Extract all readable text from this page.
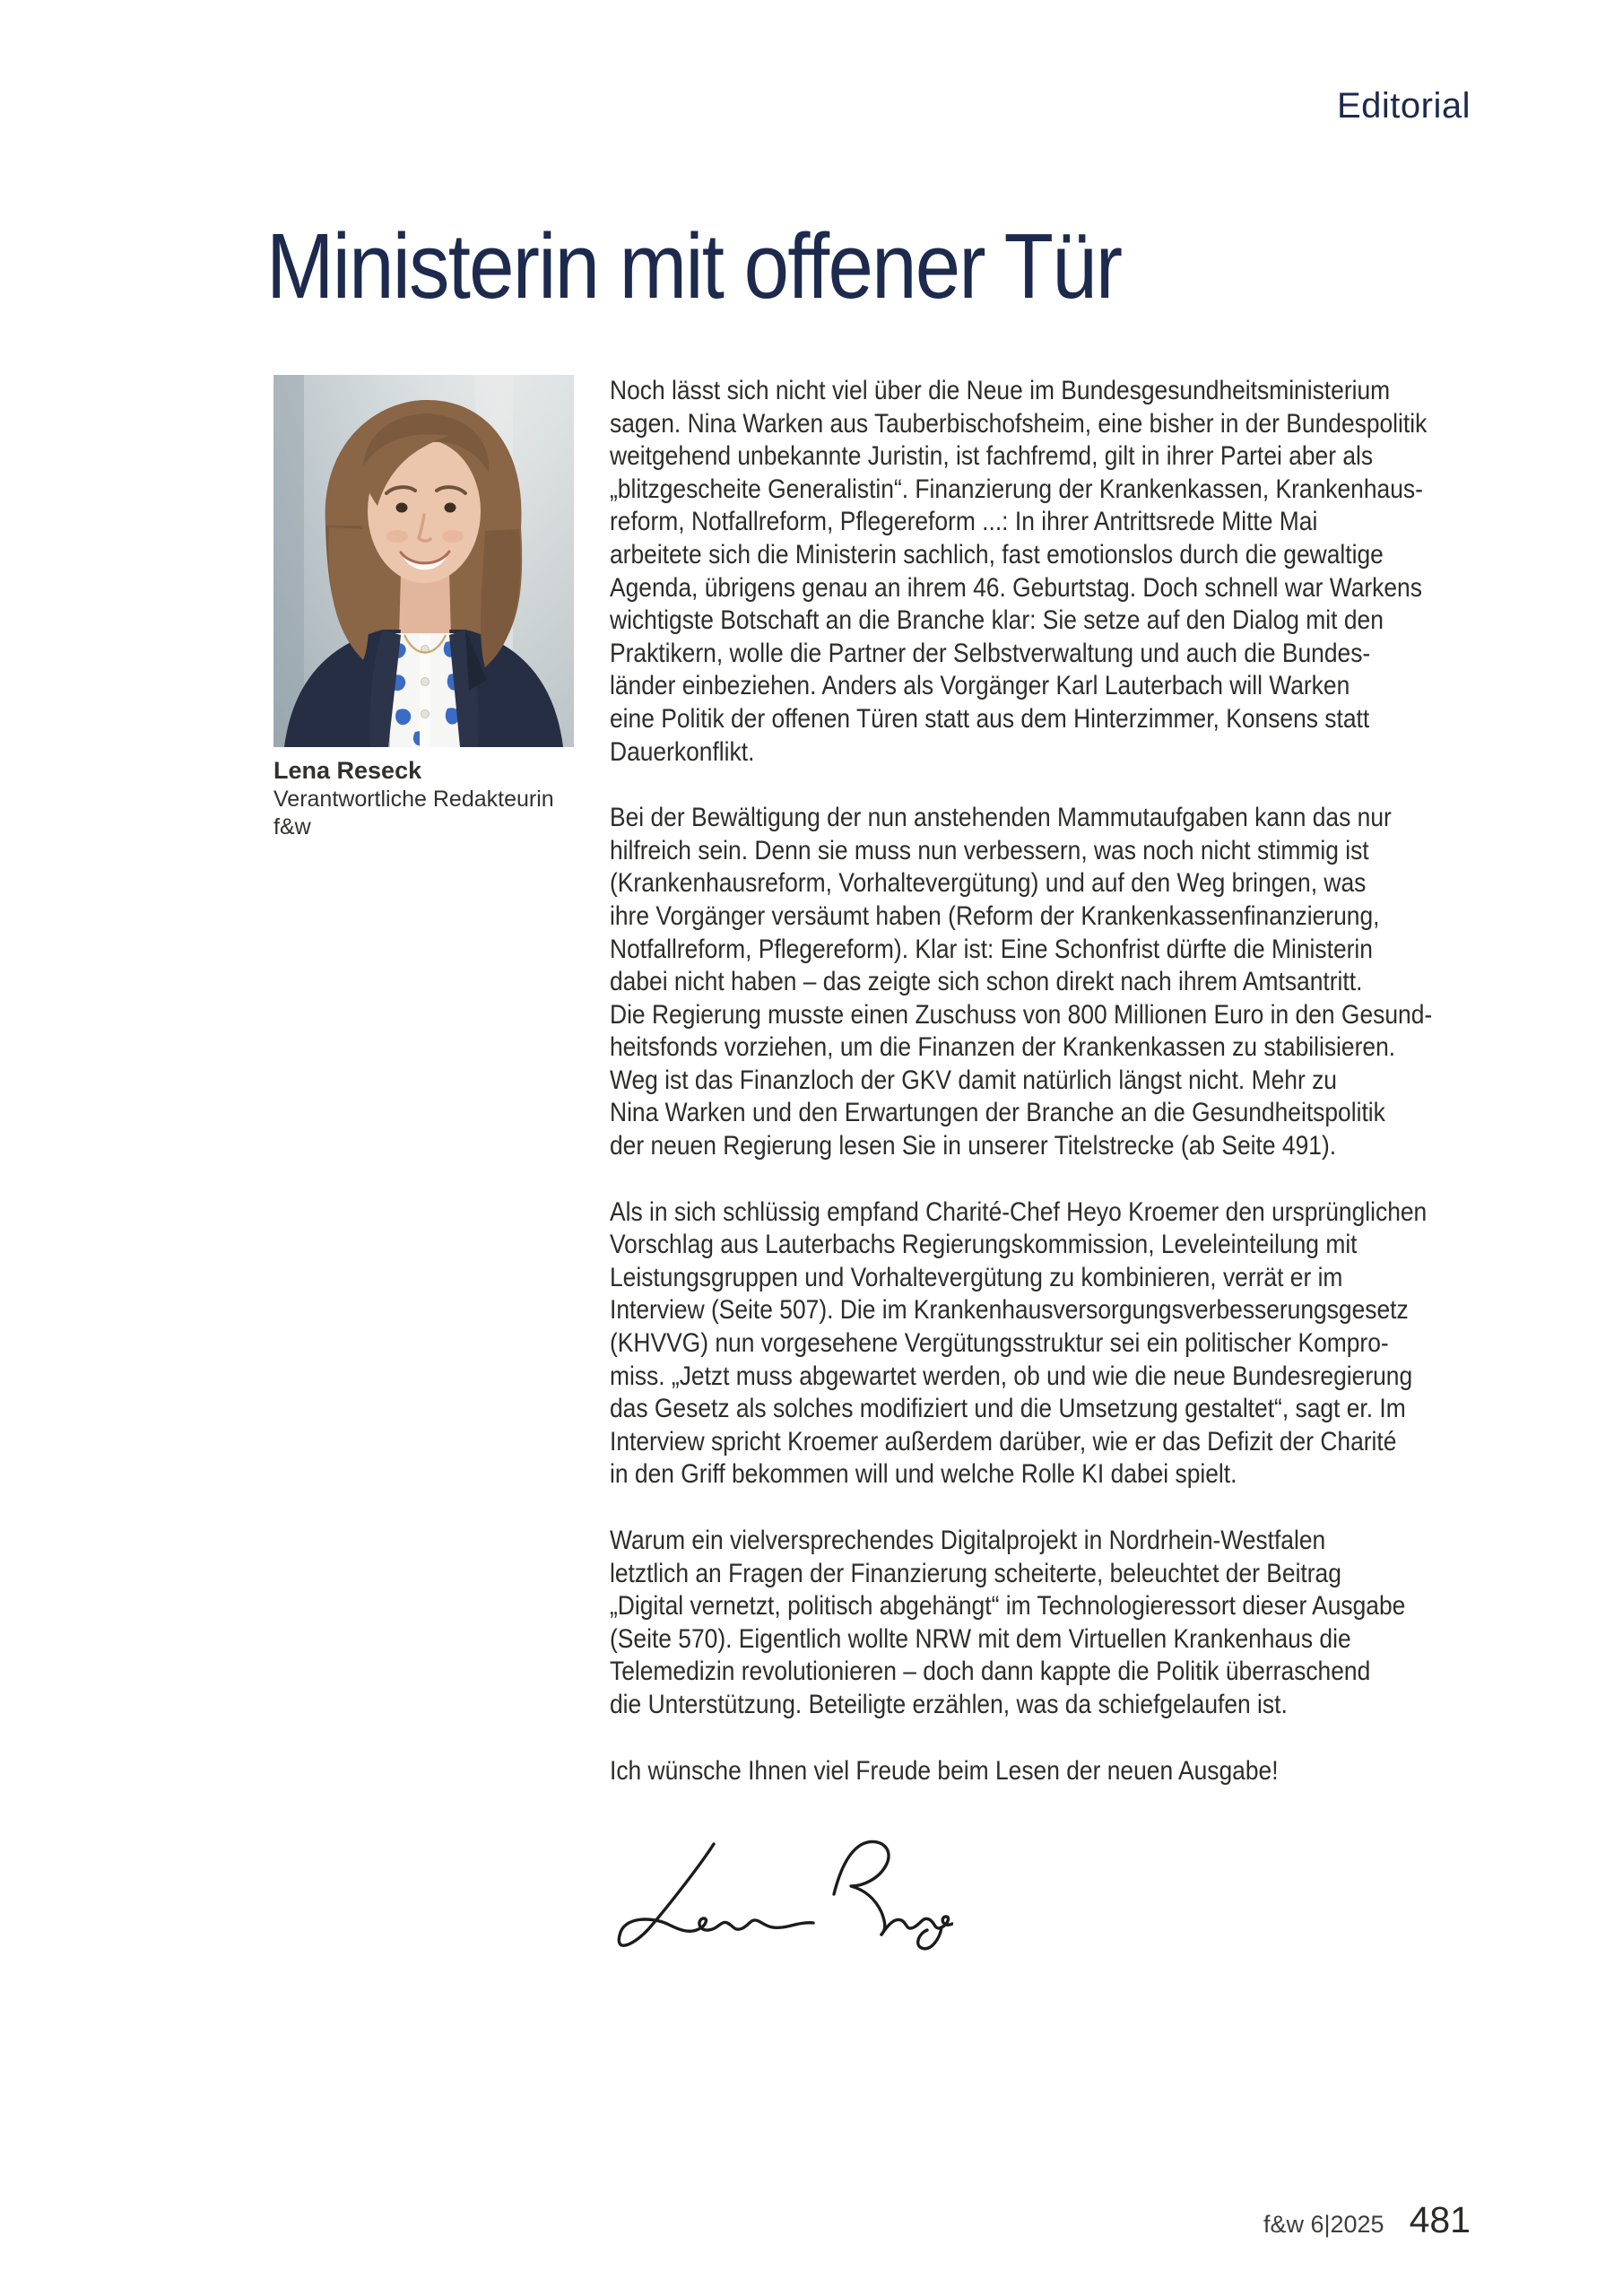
Editorial
Ministerin mit offener Tür
Lena Reseck
Verantwortliche Redakteurin f&w
Noch lässt sich nicht viel über die Neue im Bundesgesundheitsministerium
sagen. Nina Warken aus Tauberbischofsheim, eine bisher in der Bundespolitik
weitgehend unbekannte Juristin, ist fachfremd, gilt in ihrer Partei aber als
„blitzgescheite Generalistin“. Finanzierung der Krankenkassen, Krankenhaus-
reform, Notfallreform, Pflegereform ...: In ihrer Antrittsrede Mitte Mai
arbeitete sich die Ministerin sachlich, fast emotionslos durch die gewaltige
Agenda, übrigens genau an ihrem 46. Geburtstag. Doch schnell war Warkens
wichtigste Botschaft an die Branche klar: Sie setze auf den Dialog mit den
Praktikern, wolle die Partner der Selbstverwaltung und auch die Bundes-
länder einbeziehen. Anders als Vorgänger Karl Lauterbach will Warken
eine Politik der offenen Türen statt aus dem Hinterzimmer, Konsens statt
Dauerkonflikt.
Bei der Bewältigung der nun anstehenden Mammutaufgaben kann das nur
hilfreich sein. Denn sie muss nun verbessern, was noch nicht stimmig ist
(Krankenhausreform, Vorhaltevergütung) und auf den Weg bringen, was
ihre Vorgänger versäumt haben (Reform der Krankenkassenfinanzierung,
Notfallreform, Pflegereform). Klar ist: Eine Schonfrist dürfte die Ministerin
dabei nicht haben – das zeigte sich schon direkt nach ihrem Amtsantritt.
Die Regierung musste einen Zuschuss von 800 Millionen Euro in den Gesund-
heitsfonds vorziehen, um die Finanzen der Krankenkassen zu stabilisieren.
Weg ist das Finanzloch der GKV damit natürlich längst nicht. Mehr zu
Nina Warken und den Erwartungen der Branche an die Gesundheitspolitik
der neuen Regierung lesen Sie in unserer Titelstrecke (ab Seite 491).
Als in sich schlüssig empfand Charité-Chef Heyo Kroemer den ursprünglichen
Vorschlag aus Lauterbachs Regierungskommission, Leveleinteilung mit
Leistungsgruppen und Vorhaltevergütung zu kombinieren, verrät er im
Interview (Seite 507). Die im Krankenhausversorgungsverbesserungsgesetz
(KHVVG) nun vorgesehene Vergütungsstruktur sei ein politischer Kompro-
miss. „Jetzt muss abgewartet werden, ob und wie die neue Bundesregierung
das Gesetz als solches modifiziert und die Umsetzung gestaltet“, sagt er. Im
Interview spricht Kroemer außerdem darüber, wie er das Defizit der Charité
in den Griff bekommen will und welche Rolle KI dabei spielt.
Warum ein vielversprechendes Digitalprojekt in Nordrhein-Westfalen
letztlich an Fragen der Finanzierung scheiterte, beleuchtet der Beitrag
„Digital vernetzt, politisch abgehängt“ im Technologieressort dieser Ausgabe
(Seite 570). Eigentlich wollte NRW mit dem Virtuellen Krankenhaus die
Telemedizin revolutionieren – doch dann kappte die Politik überraschend
die Unterstützung. Beteiligte erzählen, was da schiefgelaufen ist.
Ich wünsche Ihnen viel Freude beim Lesen der neuen Ausgabe!
f&w 6|2025 481
